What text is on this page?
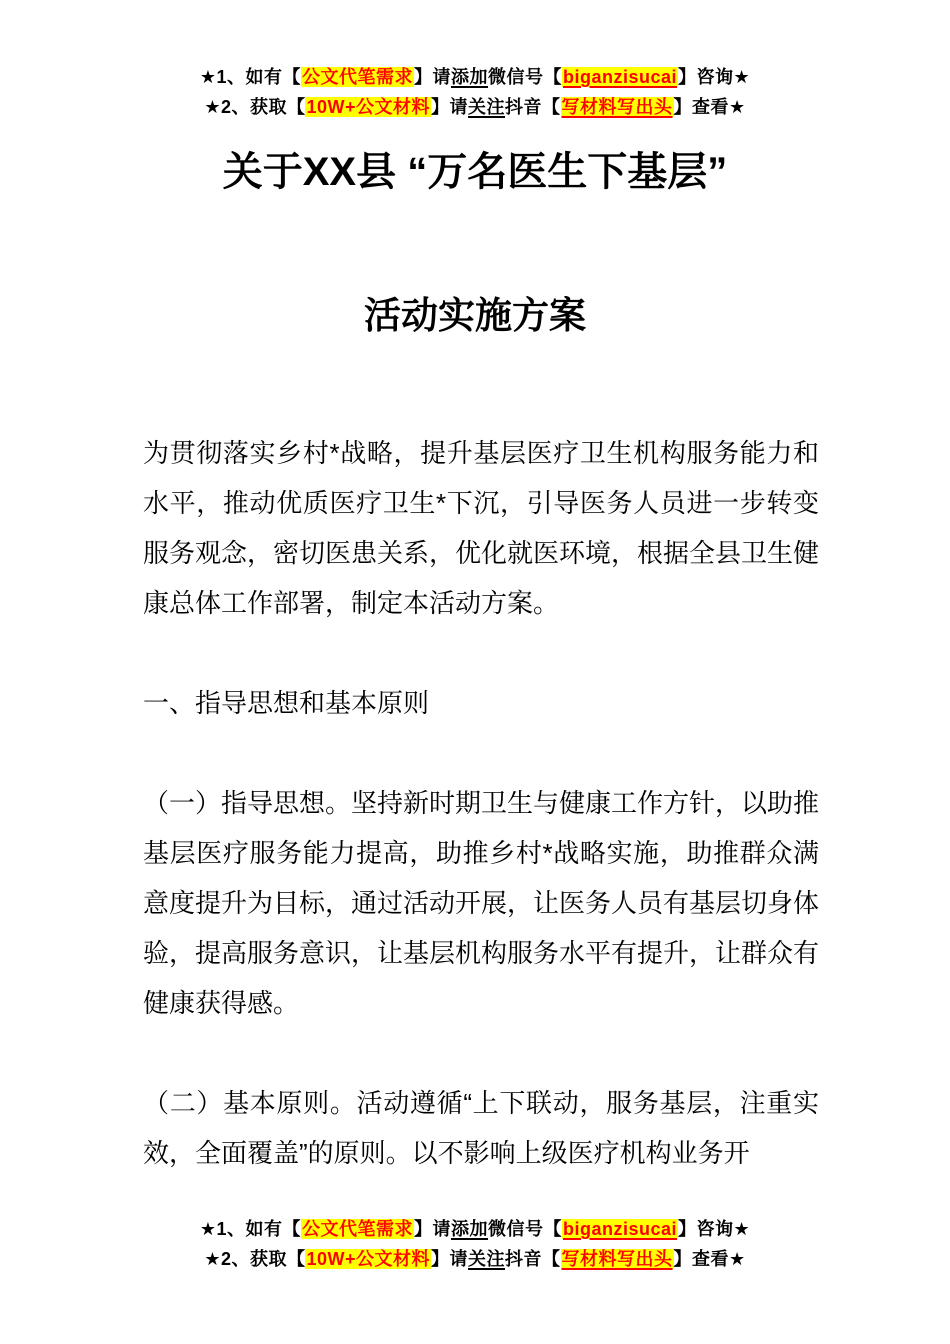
★1、如有【公文代笔需求】请添加微信号【biganzisucai】咨询★
★2、获取【10W+公文材料】请关注抖音【写材料写出头】查看★
关于XX县 “万名医生下基层”
活动实施方案

为贯彻落实乡村*战略，提升基层医疗卫生机构服务能力和水平，推动优质医疗卫生*下沉，引导医务人员进一步转变服务观念，密切医患关系，优化就医环境，根据全县卫生健康总体工作部署，制定本活动方案。

一、指导思想和基本原则

（一）指导思想。坚持新时期卫生与健康工作方针，以助推基层医疗服务能力提高，助推乡村*战略实施，助推群众满意度提升为目标，通过活动开展，让医务人员有基层切身体验，提高服务意识，让基层机构服务水平有提升，让群众有健康获得感。

（二）基本原则。活动遵循“上下联动，服务基层，注重实效，全面覆盖”的原则。以不影响上级医疗机构业务开

★1、如有【公文代笔需求】请添加微信号【biganzisucai】咨询★
★2、获取【10W+公文材料】请关注抖音【写材料写出头】查看★
